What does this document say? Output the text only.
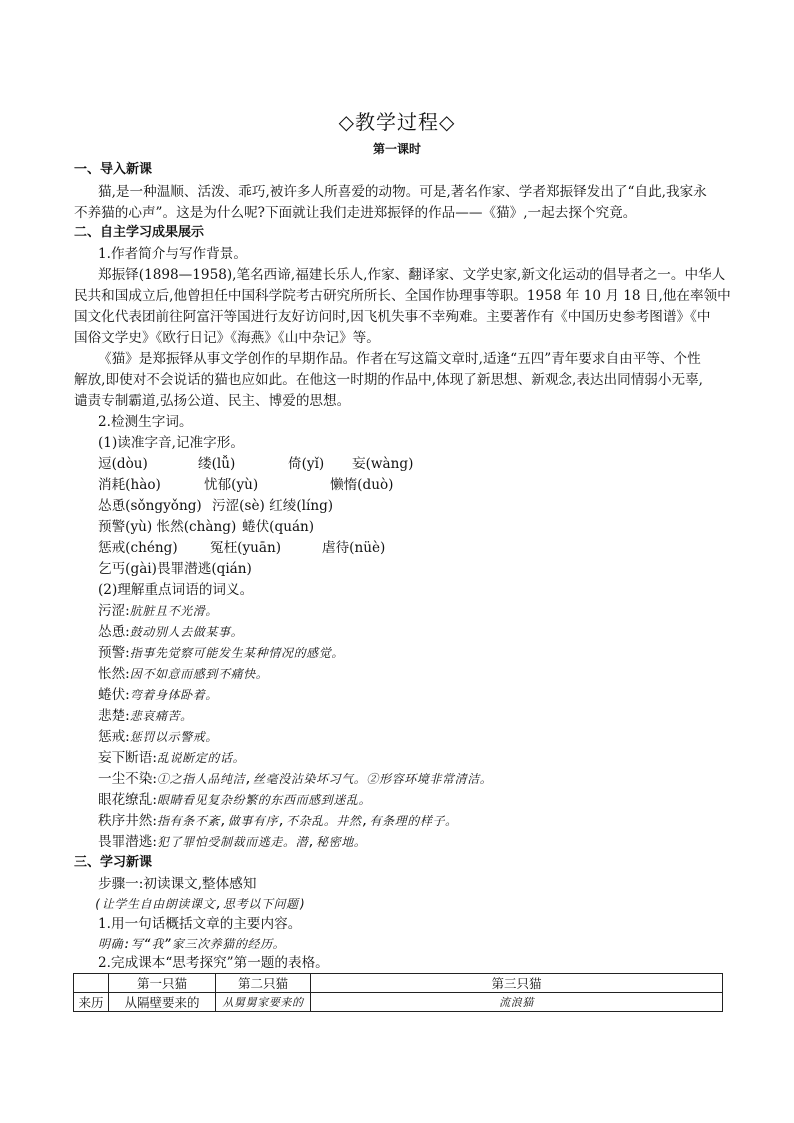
◇教学过程◇
第一课时
一、导入新课
猫,是一种温顺、活泼、乖巧,被许多人所喜爱的动物。可是,著名作家、学者郑振铎发出了“自此,我家永
不养猫的心声”。这是为什么呢?下面就让我们走进郑振铎的作品——《猫》,一起去探个究竟。
二、自主学习成果展示
1.作者简介与写作背景。
郑振铎(1898—1958),笔名西谛,福建长乐人,作家、翻译家、文学史家,新文化运动的倡导者之一。中华人
民共和国成立后,他曾担任中国科学院考古研究所所长、全国作协理事等职。1958 年 10 月 18 日,他在率领中
国文化代表团前往阿富汗等国进行友好访问时,因飞机失事不幸殉难。主要著作有《中国历史参考图谱》《中
国俗文学史》《欧行日记》《海燕》《山中杂记》等。
《猫》是郑振铎从事文学创作的早期作品。作者在写这篇文章时,适逢“五四”青年要求自由平等、个性
解放,即使对不会说话的猫也应如此。在他这一时期的作品中,体现了新思想、新观念,表达出同情弱小无辜,
谴责专制霸道,弘扬公道、民主、博爱的思想。
2.检测生字词。
(1)读准字音,记准字形。
逗(dòu)	缕(lǚ)	倚(yǐ) 妄(wàng)
消耗(hào)	忧郁(yù)	懒惰(duò)
怂恿(sǒngyǒng) 污涩(sè) 红绫(líng)
预警(yù) 怅然(chàng) 蜷伏(quán)
惩戒(chéng) 冤枉(yuān)	虐待(nüè)
乞丐(gài)畏罪潜逃(qián)
(2)理解重点词语的词义。
污涩:肮脏且不光滑。
怂恿:鼓动别人去做某事。
预警:指事先觉察可能发生某种情况的感觉。
怅然:因不如意而感到不痛快。
蜷伏:弯着身体卧着。
悲楚:悲哀痛苦。
惩戒:惩罚以示警戒。
妄下断语:乱说断定的话。
一尘不染:①之指人品纯洁,丝毫没沾染坏习气。②形容环境非常清洁。
眼花缭乱:眼睛看见复杂纷繁的东西而感到迷乱。
秩序井然:指有条不紊,做事有序,不杂乱。井然,有条理的样子。
畏罪潜逃:犯了罪怕受制裁而逃走。潜,秘密地。
三、学习新课
步骤一:初读课文,整体感知
(让学生自由朗读课文,思考以下问题)
1.用一句话概括文章的主要内容。
明确:写“我”家三次养猫的经历。
2.完成课本“思考探究”第一题的表格。
	第一只猫	第二只猫	第三只猫
来历	从隔壁要来的	从舅舅家要来的	流浪猫
